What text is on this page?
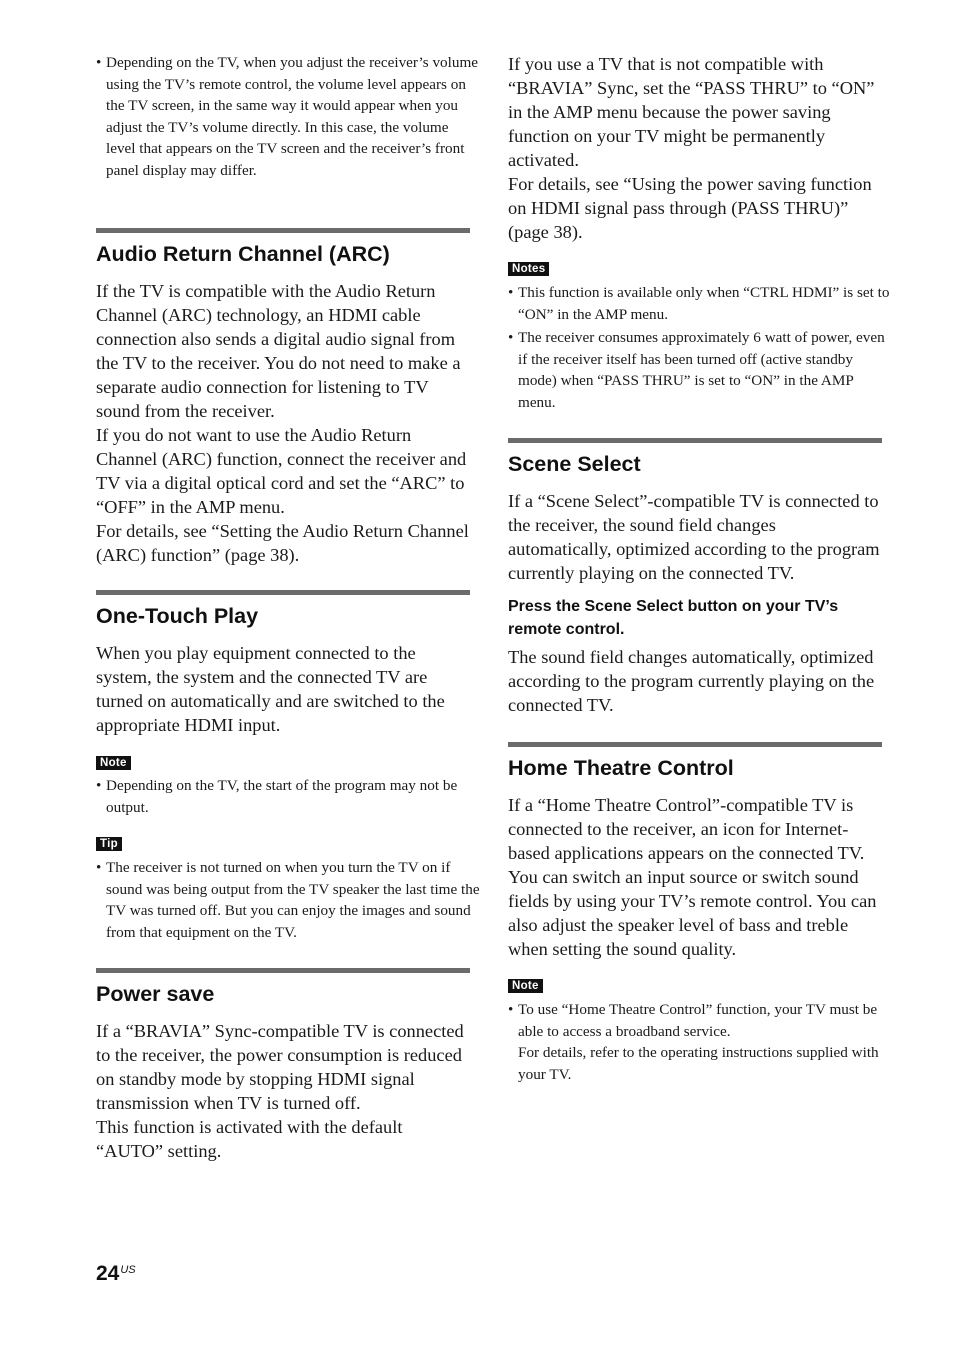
• Depending on the TV, when you adjust the receiver’s volume using the TV’s remote control, the volume level appears on the TV screen, in the same way it would appear when you adjust the TV’s volume directly. In this case, the volume level that appears on the TV screen and the receiver’s front panel display may differ.

Audio Return Channel (ARC)

If the TV is compatible with the Audio Return Channel (ARC) technology, an HDMI cable connection also sends a digital audio signal from the TV to the receiver. You do not need to make a separate audio connection for listening to TV sound from the receiver.

If you do not want to use the Audio Return Channel (ARC) function, connect the receiver and TV via a digital optical cord and set the “ARC” to “OFF” in the AMP menu.

For details, see “Setting the Audio Return Channel (ARC) function” (page 38).

One-Touch Play

When you play equipment connected to the system, the system and the connected TV are turned on automatically and are switched to the appropriate HDMI input.

Note

• Depending on the TV, the start of the program may not be output.

Tip

• The receiver is not turned on when you turn the TV on if sound was being output from the TV speaker the last time the TV was turned off. But you can enjoy the images and sound from that equipment on the TV.

Power save

If a “BRAVIA” Sync-compatible TV is connected to the receiver, the power consumption is reduced on standby mode by stopping HDMI signal transmission when TV is turned off.

This function is activated with the default “AUTO” setting.

If you use a TV that is not compatible with “BRAVIA” Sync, set the “PASS THRU” to “ON” in the AMP menu because the power saving function on your TV might be permanently activated.

For details, see “Using the power saving function on HDMI signal pass through (PASS THRU)” (page 38).

Notes

• This function is available only when “CTRL HDMI” is set to “ON” in the AMP menu.

• The receiver consumes approximately 6 watt of power, even if the receiver itself has been turned off (active standby mode) when “PASS THRU” is set to “ON” in the AMP menu.

Scene Select

If a “Scene Select”-compatible TV is connected to the receiver, the sound field changes automatically, optimized according to the program currently playing on the connected TV.

Press the Scene Select button on your TV’s remote control.

The sound field changes automatically, optimized according to the program currently playing on the connected TV.

Home Theatre Control

If a “Home Theatre Control”-compatible TV is connected to the receiver, an icon for Internet-based applications appears on the connected TV. You can switch an input source or switch sound fields by using your TV’s remote control. You can also adjust the speaker level of bass and treble when setting the sound quality.

Note

• To use “Home Theatre Control” function, your TV must be able to access a broadband service.

For details, refer to the operating instructions supplied with your TV.

$24^{US}$
